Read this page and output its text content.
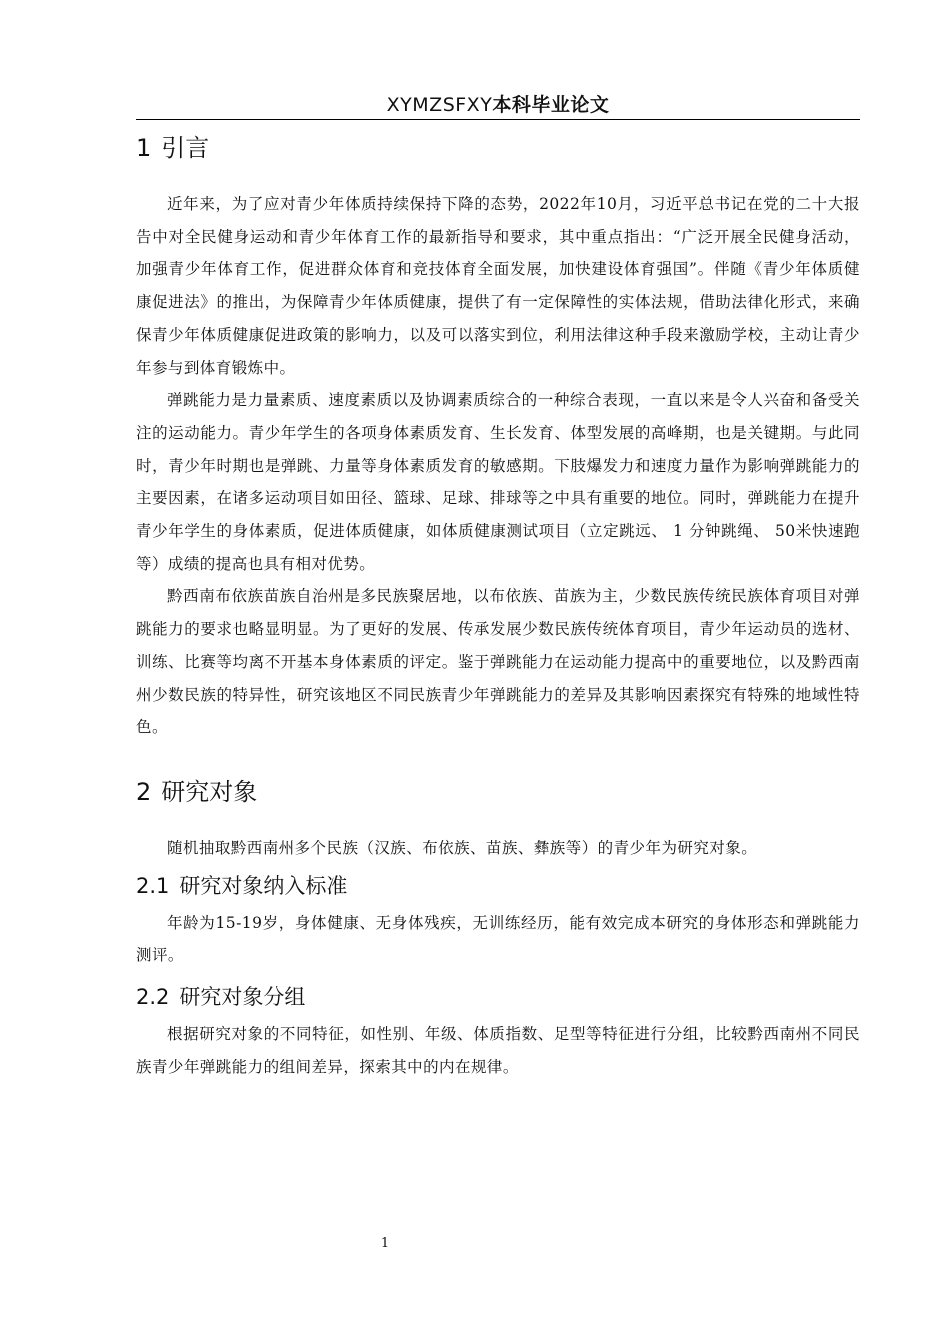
XYMZSFXY本科毕业论文
1 引言

近年来，为了应对青少年体质持续保持下降的态势，2022年10月，习近平总书记在党的二十大报告中对全民健身运动和青少年体育工作的最新指导和要求，其中重点指出：“广泛开展全民健身活动，加强青少年体育工作，促进群众体育和竞技体育全面发展，加快建设体育强国”。伴随《青少年体质健康促进法》的推出，为保障青少年体质健康，提供了有一定保障性的实体法规，借助法律化形式，来确保青少年体质健康促进政策的影响力，以及可以落实到位，利用法律这种手段来激励学校，主动让青少年参与到体育锻炼中。

弹跳能力是力量素质、速度素质以及协调素质综合的一种综合表现，一直以来是令人兴奋和备受关注的运动能力。青少年学生的各项身体素质发育、生长发育、体型发展的高峰期，也是关键期。与此同时，青少年时期也是弹跳、力量等身体素质发育的敏感期。下肢爆发力和速度力量作为影响弹跳能力的主要因素，在诸多运动项目如田径、篮球、足球、排球等之中具有重要的地位。同时，弹跳能力在提升青少年学生的身体素质，促进体质健康，如体质健康测试项目（立定跳远、 1 分钟跳绳、 50米快速跑等）成绩的提高也具有相对优势。

黔西南布依族苗族自治州是多民族聚居地，以布依族、苗族为主，少数民族传统民族体育项目对弹跳能力的要求也略显明显。为了更好的发展、传承发展少数民族传统体育项目，青少年运动员的选材、训练、比赛等均离不开基本身体素质的评定。鉴于弹跳能力在运动能力提高中的重要地位，以及黔西南州少数民族的特异性，研究该地区不同民族青少年弹跳能力的差异及其影响因素探究有特殊的地域性特色。

2 研究对象

随机抽取黔西南州多个民族（汉族、布依族、苗族、彝族等）的青少年为研究对象。

2.1 研究对象纳入标准

年龄为15-19岁，身体健康、无身体残疾，无训练经历，能有效完成本研究的身体形态和弹跳能力测评。

2.2 研究对象分组

根据研究对象的不同特征，如性别、年级、体质指数、足型等特征进行分组，比较黔西南州不同民族青少年弹跳能力的组间差异，探索其中的内在规律。

1
